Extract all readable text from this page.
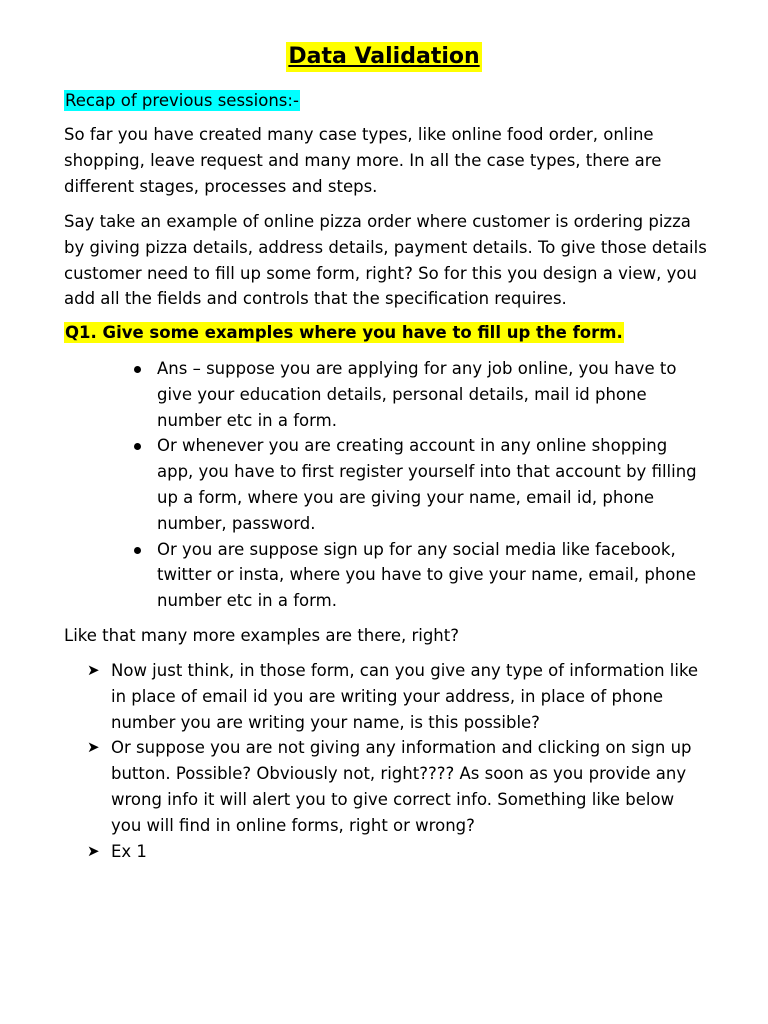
Data Validation
Recap of previous sessions:-
So far you have created many case types, like online food order, online shopping, leave request and many more. In all the case types, there are different stages, processes and steps.
Say take an example of online pizza order where customer is ordering pizza by giving pizza details, address details, payment details. To give those details customer need to fill up some form, right? So for this you design a view, you add all the fields and controls that the specification requires.
Q1. Give some examples where you have to fill up the form.
Ans – suppose you are applying for any job online, you have to give your education details, personal details, mail id phone number etc in a form.
Or whenever you are creating account in any online shopping app, you have to first register yourself into that account by filling up a form, where you are giving your name, email id, phone number, password.
Or you are suppose sign up for any social media like facebook, twitter or insta, where you have to give your name, email, phone number etc in a form.
Like that many more examples are there, right?
➤ Now just think, in those form, can you give any type of information like in place of email id you are writing your address, in place of phone number you are writing your name, is this possible?
➤ Or suppose you are not giving any information and clicking on sign up button. Possible? Obviously not, right???? As soon as you provide any wrong info it will alert you to give correct info. Something like below you will find in online forms, right or wrong?
➤ Ex 1
